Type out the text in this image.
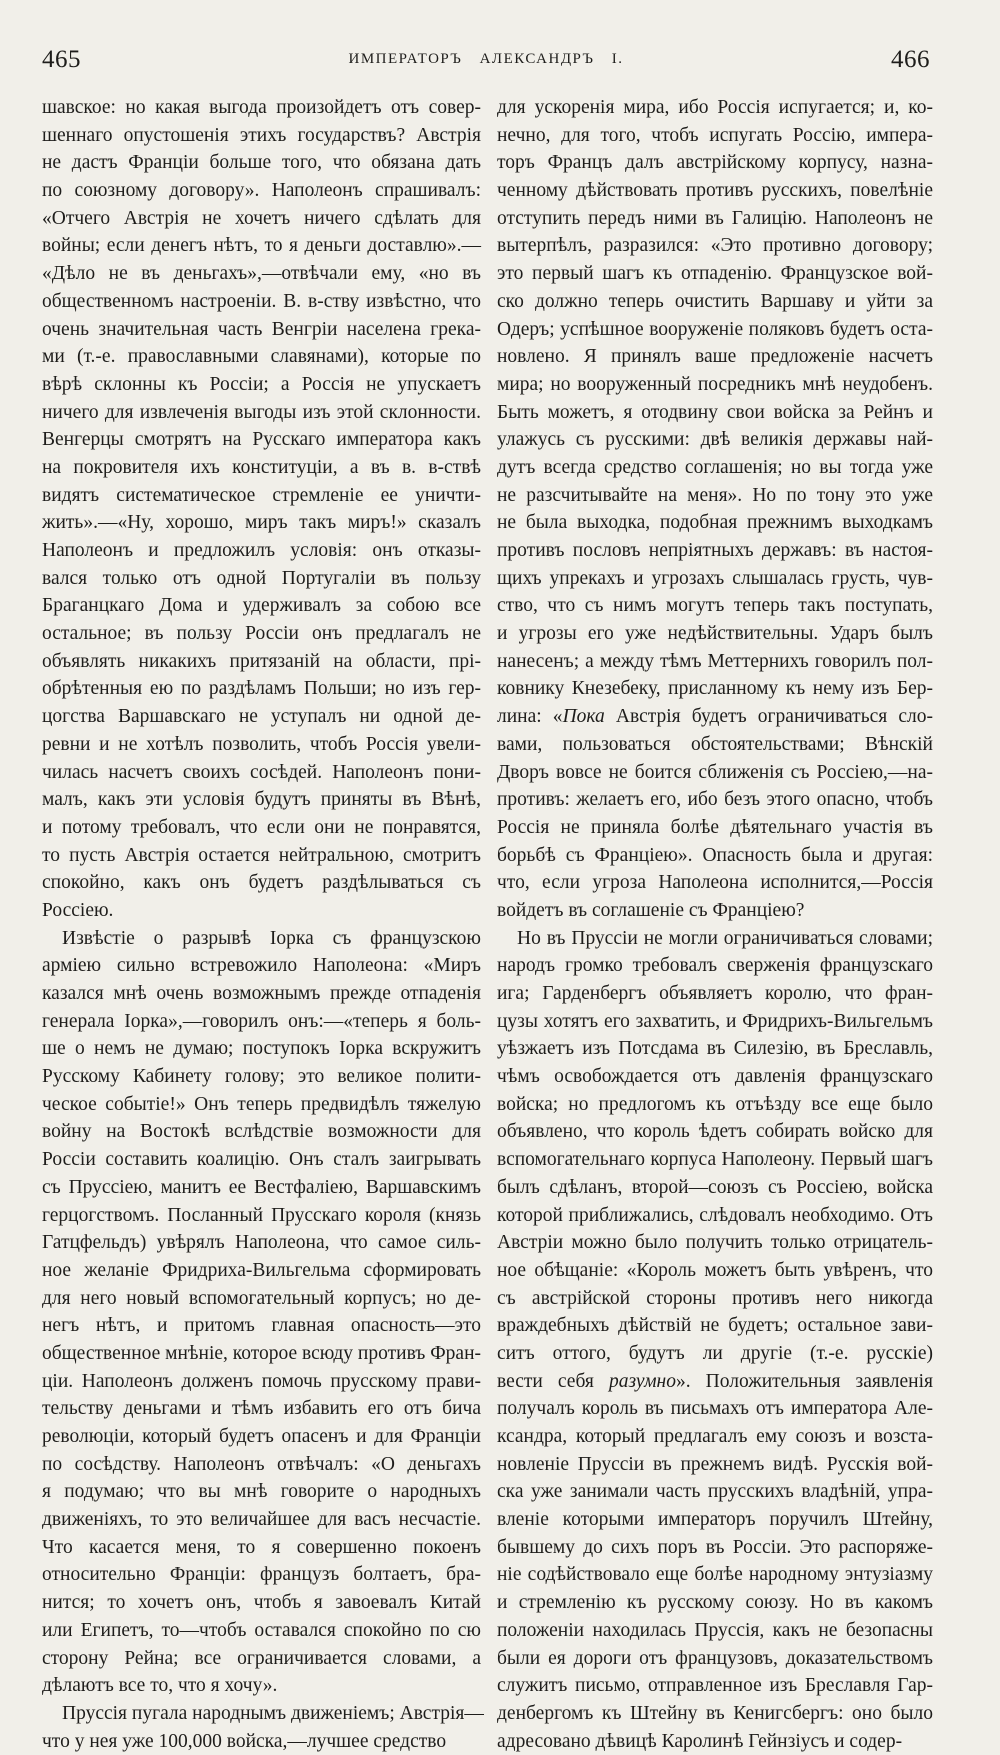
465	ИМПЕРАТОРЪ АЛЕКСАНДРЪ I.	466
шавское: но какая выгода произойдетъ отъ совер-
шеннаго опустошенія этихъ государствъ? Австрія
не дастъ Франціи больше того, что обязана дать
по союзному договору». Наполеонъ спрашивалъ:
«Отчего Австрія не хочетъ ничего сдѣлать для
войны; если денегъ нѣтъ, то я деньги доставлю».—
«Дѣло не въ деньгахъ»,—отвѣчали ему, «но въ
общественномъ настроеніи. В. в-ству извѣстно, что
очень значительная часть Венгріи населена грека-
ми (т.-е. православными славянами), которые по
вѣрѣ склонны къ Россіи; а Россія не упускаетъ
ничего для извлеченія выгоды изъ этой склонности.
Венгерцы смотрятъ на Русскаго императора какъ
на покровителя ихъ конституціи, а въ в. в-ствѣ
видятъ систематическое стремленіе ее уничти-
жить».—«Ну, хорошо, миръ такъ миръ!» сказалъ
Наполеонъ и предложилъ условія: онъ отказы-
вался только отъ одной Португаліи въ пользу
Браганцкаго Дома и удерживалъ за собою все
остальное; въ пользу Россіи онъ предлагалъ не
объявлять никакихъ притязаній на области, прі-
обрѣтенныя ею по раздѣламъ Польши; но изъ гер-
цогства Варшавскаго не уступалъ ни одной де-
ревни и не хотѣлъ позволить, чтобъ Россія увели-
чилась насчетъ своихъ сосѣдей. Наполеонъ пони-
малъ, какъ эти условія будутъ приняты въ Вѣнѣ,
и потому требовалъ, что если они не понравятся,
то пусть Австрія остается нейтральною, смотритъ
спокойно, какъ онъ будетъ раздѣлываться съ
Россіею.
Извѣстіе о разрывѣ Іорка съ французскою
арміею сильно встревожило Наполеона: «Миръ
казался мнѣ очень возможнымъ прежде отпаденія
генерала Іорка»,—говорилъ онъ:—«теперь я боль-
ше о немъ не думаю; поступокъ Іорка вскружитъ
Русскому Кабинету голову; это великое полити-
ческое событіе!» Онъ теперь предвидѣлъ тяжелую
войну на Востокѣ вслѣдствіе возможности для
Россіи составить коалицію. Онъ сталъ заигрывать
съ Пруссіею, манитъ ее Вестфаліею, Варшавскимъ
герцогствомъ. Посланный Прусскаго короля (князь
Гатцфельдъ) увѣрялъ Наполеона, что самое силь-
ное желаніе Фридриха-Вильгельма сформировать
для него новый вспомогательный корпусъ; но де-
негъ нѣтъ, и притомъ главная опасность—это
общественное мнѣніе, которое всюду противъ Фран-
ціи. Наполеонъ долженъ помочь прусскому прави-
тельству деньгами и тѣмъ избавить его отъ бича
революціи, который будетъ опасенъ и для Франціи
по сосѣдству. Наполеонъ отвѣчалъ: «О деньгахъ
я подумаю; что вы мнѣ говорите о народныхъ
движеніяхъ, то это величайшее для васъ несчастіе.
Что касается меня, то я совершенно покоенъ
относительно Франціи: французъ болтаетъ, бра-
нится; то хочетъ онъ, чтобъ я завоевалъ Китай
или Египетъ, то—чтобъ оставался спокойно по сю
сторону Рейна; все ограничивается словами, а
дѣлаютъ все то, что я хочу».
Пруссія пугала народнымъ движеніемъ; Австрія—
что у нея уже 100,000 войска,—лучшее средство
для ускоренія мира, ибо Россія испугается; и, ко-
нечно, для того, чтобъ испугать Россію, импера-
торъ Францъ далъ австрійскому корпусу, назна-
ченному дѣйствовать противъ русскихъ, повелѣніе
отступить передъ ними въ Галицію. Наполеонъ не
вытерпѣлъ, разразился: «Это противно договору;
это первый шагъ къ отпаденію. Французское вой-
ско должно теперь очистить Варшаву и уйти за
Одеръ; успѣшное вооруженіе поляковъ будетъ оста-
новлено. Я принялъ ваше предложеніе насчетъ
мира; но вооруженный посредникъ мнѣ неудобенъ.
Быть можетъ, я отодвину свои войска за Рейнъ и
улажусь съ русскими: двѣ великія державы най-
дутъ всегда средство соглашенія; но вы тогда уже
не разсчитывайте на меня». Но по тону это уже
не была выходка, подобная прежнимъ выходкамъ
противъ пословъ непріятныхъ державъ: въ настоя-
щихъ упрекахъ и угрозахъ слышалась грусть, чув-
ство, что съ нимъ могутъ теперь такъ поступать,
и угрозы его уже недѣйствительны. Ударъ былъ
нанесенъ; а между тѣмъ Меттернихъ говорилъ пол-
ковнику Кнезебеку, присланному къ нему изъ Бер-
лина: «Пока Австрія будетъ ограничиваться сло-
вами, пользоваться обстоятельствами; Вѣнскій
Дворъ вовсе не боится сближенія съ Россіею,—на-
противъ: желаетъ его, ибо безъ этого опасно, чтобъ
Россія не приняла болѣе дѣятельнаго участія въ
борьбѣ съ Франціею». Опасность была и другая:
что, если угроза Наполеона исполнится,—Россія
войдетъ въ соглашеніе съ Франціею?
Но въ Пруссіи не могли ограничиваться словами;
народъ громко требовалъ сверженія французскаго
ига; Гарденбергъ объявляетъ королю, что фран-
цузы хотятъ его захватить, и Фридрихъ-Вильгельмъ
уѣзжаетъ изъ Потсдама въ Силезію, въ Бреславль,
чѣмъ освобождается отъ давленія французскаго
войска; но предлогомъ къ отъѣзду все еще было
объявлено, что король ѣдетъ собирать войско для
вспомогательнаго корпуса Наполеону. Первый шагъ
былъ сдѣланъ, второй—союзъ съ Россіею, войска
которой приближались, слѣдовалъ необходимо. Отъ
Австріи можно было получить только отрицатель-
ное обѣщаніе: «Король можетъ быть увѣренъ, что
съ австрійской стороны противъ него никогда
враждебныхъ дѣйствій не будетъ; остальное зави-
ситъ оттого, будутъ ли другіе (т.-е. русскіе)
вести себя разумно». Положительныя заявленія
получалъ король въ письмахъ отъ императора Але-
ксандра, который предлагалъ ему союзъ и возста-
новленіе Пруссіи въ прежнемъ видѣ. Русскія вой-
ска уже занимали часть прусскихъ владѣній, упра-
вленіе которыми императоръ поручилъ Штейну,
бывшему до сихъ поръ въ Россіи. Это распоряже-
ніе содѣйствовало еще болѣе народному энтузіазму
и стремленію къ русскому союзу. Но въ какомъ
положеніи находилась Пруссія, какъ не безопасны
были ея дороги отъ французовъ, доказательствомъ
служитъ письмо, отправленное изъ Бреславля Гар-
денбергомъ къ Штейну въ Кенигсбергъ: оно было
адресовано дѣвицѣ Каролинѣ Гейнзіусъ и содер-
